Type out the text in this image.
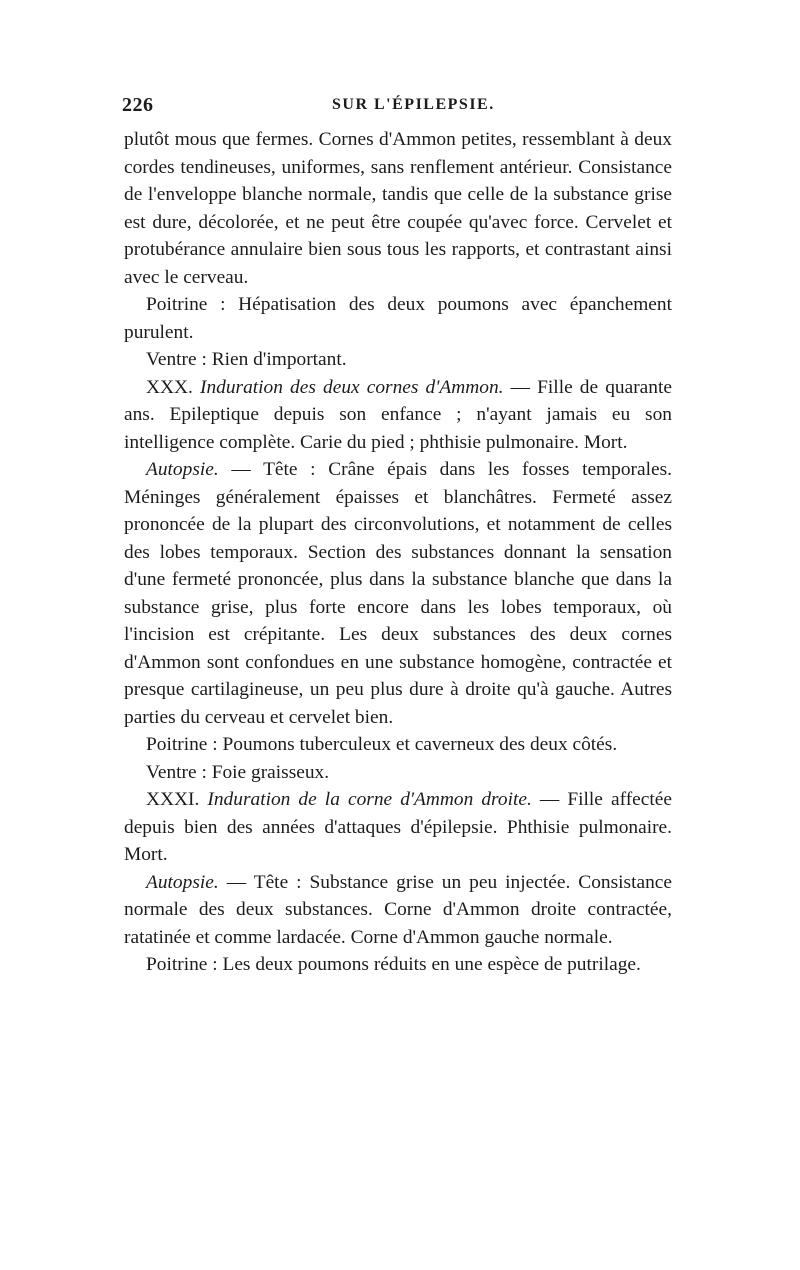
226	SUR L'ÉPILEPSIE.

plutôt mous que fermes. Cornes d'Ammon petites, ressemblant à deux cordes tendineuses, uniformes, sans renflement antérieur. Consistance de l'enveloppe blanche normale, tandis que celle de la substance grise est dure, décolorée, et ne peut être coupée qu'avec force. Cervelet et protubérance annulaire bien sous tous les rapports, et contrastant ainsi avec le cerveau.

Poitrine : Hépatisation des deux poumons avec épanchement purulent.

Ventre : Rien d'important.

XXX. Induration des deux cornes d'Ammon. — Fille de quarante ans. Epileptique depuis son enfance ; n'ayant jamais eu son intelligence complète. Carie du pied ; phthisie pulmonaire. Mort.

Autopsie. — Tête : Crâne épais dans les fosses temporales. Méninges généralement épaisses et blanchâtres. Fermeté assez prononcée de la plupart des circonvolutions, et notamment de celles des lobes temporaux. Section des substances donnant la sensation d'une fermeté prononcée, plus dans la substance blanche que dans la substance grise, plus forte encore dans les lobes temporaux, où l'incision est crépitante. Les deux substances des deux cornes d'Ammon sont confondues en une substance homogène, contractée et presque cartilagineuse, un peu plus dure à droite qu'à gauche. Autres parties du cerveau et cervelet bien.

Poitrine : Poumons tuberculeux et caverneux des deux côtés.

Ventre : Foie graisseux.

XXXI. Induration de la corne d'Ammon droite. — Fille affectée depuis bien des années d'attaques d'épilepsie. Phthisie pulmonaire. Mort.

Autopsie. — Tête : Substance grise un peu injectée. Consistance normale des deux substances. Corne d'Ammon droite contractée, ratatinée et comme lardacée. Corne d'Ammon gauche normale.

Poitrine : Les deux poumons réduits en une espèce de putrilage.
